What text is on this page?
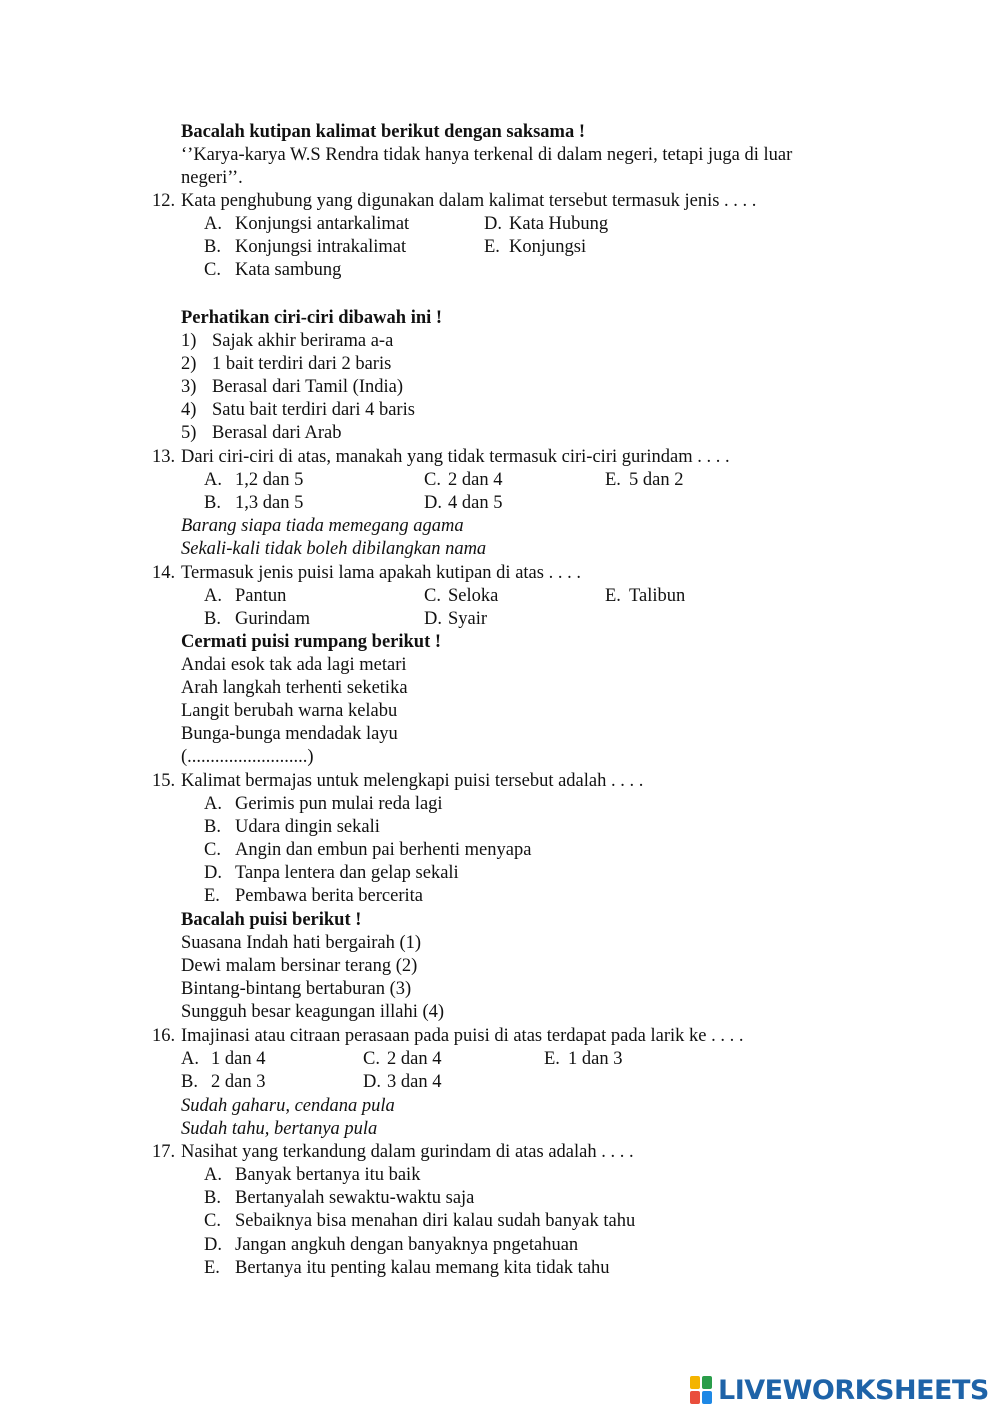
Bacalah kutipan kalimat berikut dengan saksama !
‘’Karya-karya W.S Rendra tidak hanya terkenal di dalam negeri, tetapi juga di luar
negeri’’.
12. Kata penghubung yang digunakan dalam kalimat tersebut termasuk jenis . . . .
A. Konjungsi antarkalimat
B. Konjungsi intrakalimat
C. Kata sambung
D. Kata Hubung
E. Konjungsi
Perhatikan ciri-ciri dibawah ini !
1) Sajak akhir berirama a-a
2) 1 bait terdiri dari 2 baris
3) Berasal dari Tamil (India)
4) Satu bait terdiri dari 4 baris
5) Berasal dari Arab
13. Dari ciri-ciri di atas, manakah yang tidak termasuk ciri-ciri gurindam . . . .
A. 1,2 dan 5
B. 1,3 dan 5
C. 2 dan 4
D. 4 dan 5
E. 5 dan 2
Barang siapa tiada memegang agama
Sekali-kali tidak boleh dibilangkan nama
14. Termasuk jenis puisi lama apakah kutipan di atas . . . .
A. Pantun
B. Gurindam
C. Seloka
D. Syair
E. Talibun
Cermati puisi rumpang berikut !
Andai esok tak ada lagi metari
Arah langkah terhenti seketika
Langit berubah warna kelabu
Bunga-bunga mendadak layu
(..........................)
15. Kalimat bermajas untuk melengkapi puisi tersebut adalah . . . .
A. Gerimis pun mulai reda lagi
B. Udara dingin sekali
C. Angin dan embun pai berhenti menyapa
D. Tanpa lentera dan gelap sekali
E. Pembawa berita bercerita
Bacalah puisi berikut !
Suasana Indah hati bergairah (1)
Dewi malam bersinar terang (2)
Bintang-bintang bertaburan (3)
Sungguh besar keagungan illahi (4)
16. Imajinasi atau citraan perasaan pada puisi di atas terdapat pada larik ke . . . .
A. 1 dan 4
B. 2 dan 3
C. 2 dan 4
D. 3 dan 4
E. 1 dan 3
Sudah gaharu, cendana pula
Sudah tahu, bertanya pula
17. Nasihat yang terkandung dalam gurindam di atas adalah . . . .
A. Banyak bertanya itu baik
B. Bertanyalah sewaktu-waktu saja
C. Sebaiknya bisa menahan diri kalau sudah banyak tahu
D. Jangan angkuh dengan banyaknya pngetahuan
E. Bertanya itu penting kalau memang kita tidak tahu
LIVEWORKSHEETS
